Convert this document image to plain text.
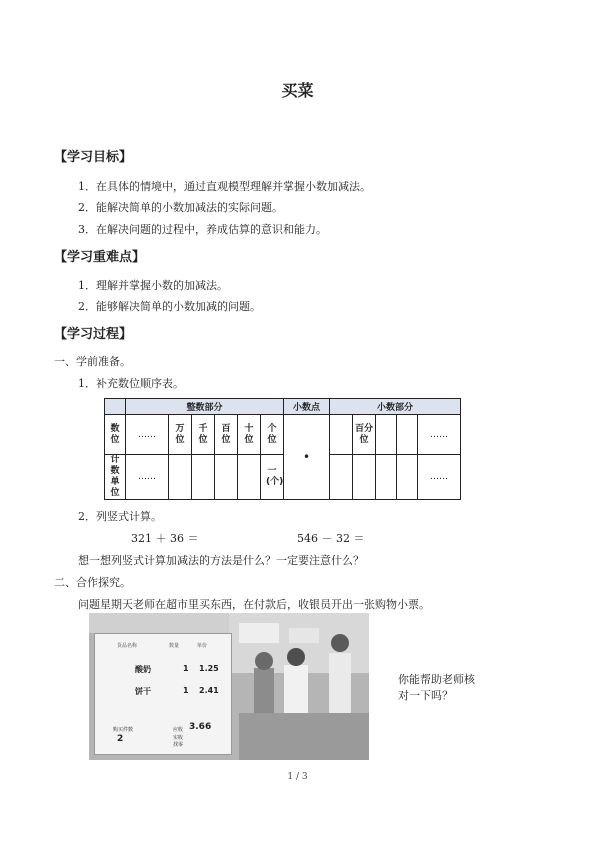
买菜
【学习目标】
1．在具体的情境中，通过直观模型理解并掌握小数加减法。
2．能解决简单的小数加减法的实际问题。
3．在解决问题的过程中，养成估算的意识和能力。
【学习重难点】
1．理解并掌握小数的加减法。
2．能够解决简单的小数加减的问题。
【学习过程】
一、学前准备。
1．补充数位顺序表。
	整数部分						小数点	小数部分				

数位	……	万位	千位	百位	十位	个位	•		百分位			……

计数单位	……					一(个)						……
2．列竖式计算。
321 ＋ 36 ＝	546 － 32 ＝
想一想列竖式计算加减法的方法是什么？一定要注意什么？
二、合作探究。
问题星期天老师在超市里买东西，在付款后，收银员开出一张购物小票。
货品名称	数量	单价
酸奶	1 1.25
饼干	1 2.41
购买件数
2
应收 3.66
实收
找零
你能帮助老师核
对一下吗？
1 / 3
